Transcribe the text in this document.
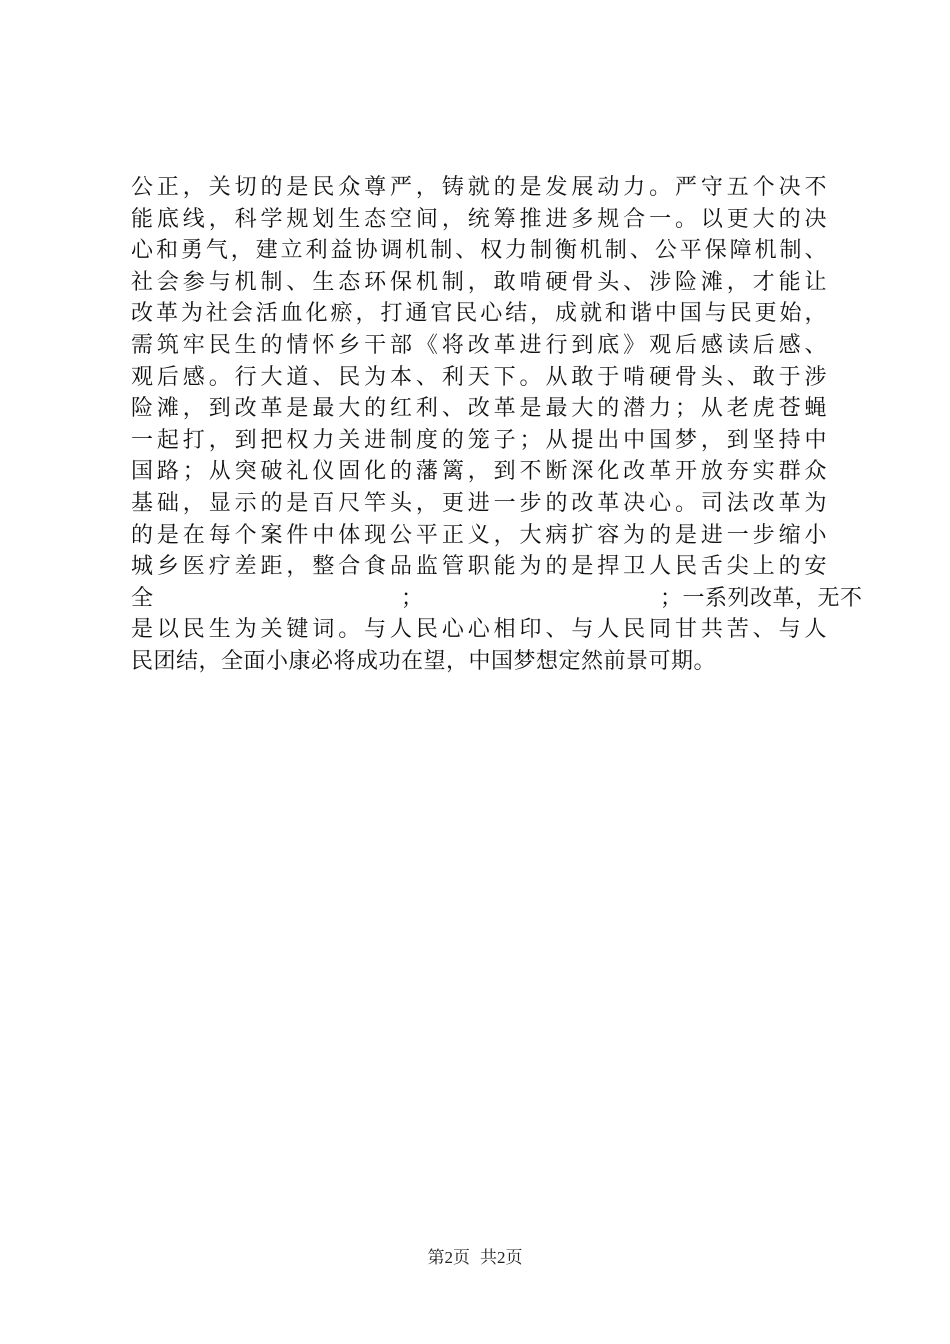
公正，关切的是民众尊严，铸就的是发展动力。严守五个决不
能底线，科学规划生态空间，统筹推进多规合一。以更大的决
心和勇气，建立利益协调机制、权力制衡机制、公平保障机制、
社会参与机制、生态环保机制，敢啃硬骨头、涉险滩，才能让
改革为社会活血化瘀，打通官民心结，成就和谐中国与民更始，
需筑牢民生的情怀乡干部《将改革进行到底》观后感读后感、
观后感。行大道、民为本、利天下。从敢于啃硬骨头、敢于涉
险滩，到改革是最大的红利、改革是最大的潜力；从老虎苍蝇
一起打，到把权力关进制度的笼子；从提出中国梦，到坚持中
国路；从突破礼仪固化的藩篱，到不断深化改革开放夯实群众
基础，显示的是百尺竿头，更进一步的改革决心。司法改革为
的是在每个案件中体现公平正义，大病扩容为的是进一步缩小
城乡医疗差距，整合食品监管职能为的是捍卫人民舌尖上的安
全　　　　　　　　　　　；　　　　　　　　　　　；一系列改革，无不
是以民生为关键词。与人民心心相印、与人民同甘共苦、与人
民团结，全面小康必将成功在望，中国梦想定然前景可期。
第2页 共2页
